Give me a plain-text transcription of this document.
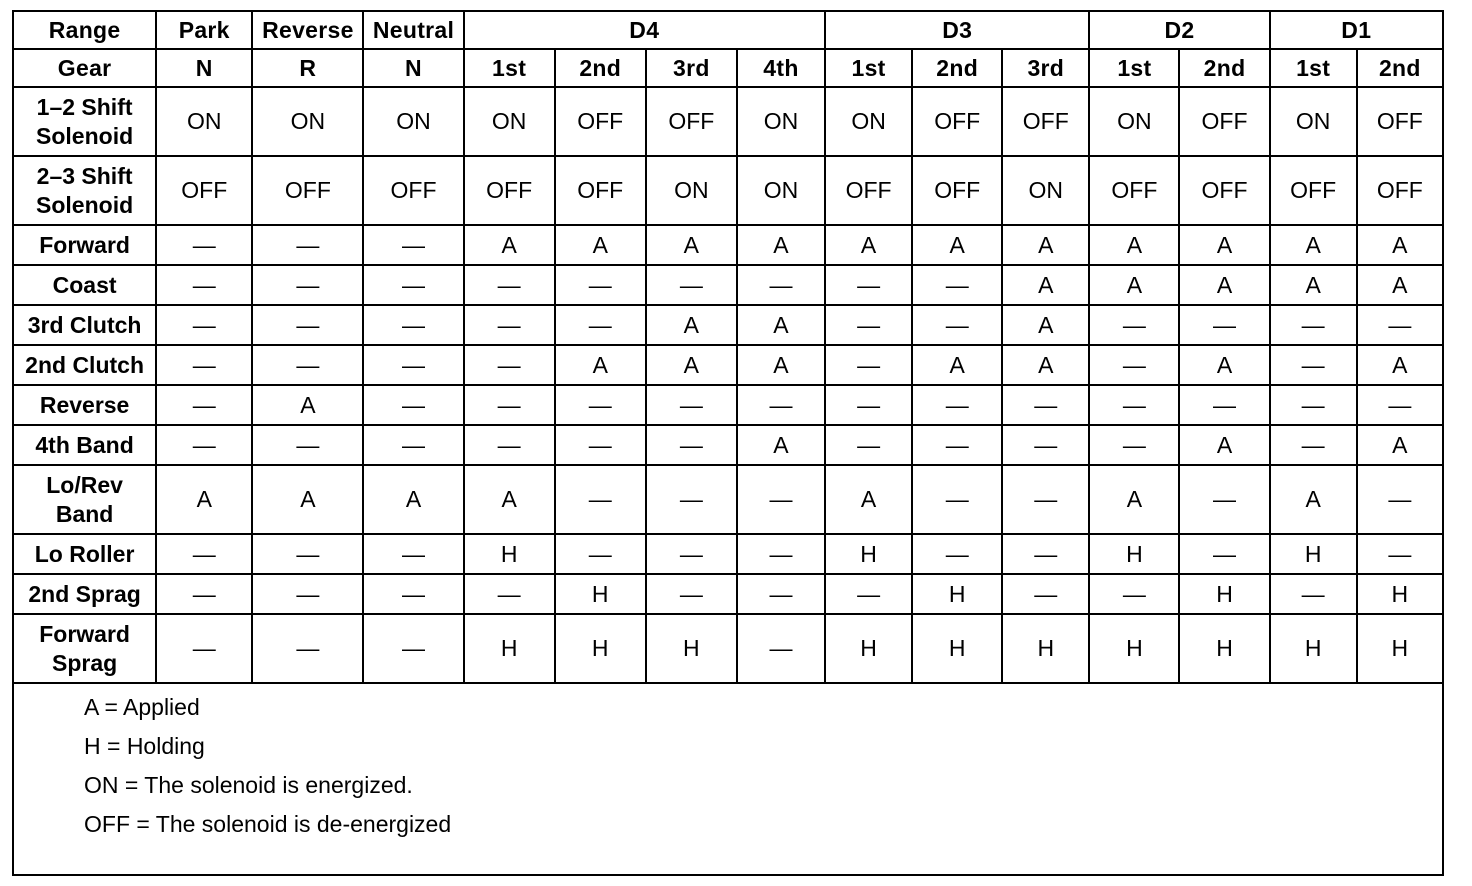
Range	Park	Reverse	Neutral	D4				D3			D2		D1	
Gear	N	R	N	1st	2nd	3rd	4th	1st	2nd	3rd	1st	2nd	1st	2nd
1–2 Shift
Solenoid	ON	ON	ON	ON	OFF	OFF	ON	ON	OFF	OFF	ON	OFF	ON	OFF
2–3 Shift
Solenoid	OFF	OFF	OFF	OFF	OFF	ON	ON	OFF	OFF	ON	OFF	OFF	OFF	OFF
Forward	—	—	—	A	A	A	A	A	A	A	A	A	A	A
Coast	—	—	—	—	—	—	—	—	—	A	A	A	A	A
3rd Clutch	—	—	—	—	—	A	A	—	—	A	—	—	—	—
2nd Clutch	—	—	—	—	A	A	A	—	A	A	—	A	—	A
Reverse	—	A	—	—	—	—	—	—	—	—	—	—	—	—
4th Band	—	—	—	—	—	—	A	—	—	—	—	A	—	A
Lo/Rev
Band	A	A	A	A	—	—	—	A	—	—	A	—	A	—
Lo Roller	—	—	—	H	—	—	—	H	—	—	H	—	H	—
2nd Sprag	—	—	—	—	H	—	—	—	H	—	—	H	—	H
Forward
Sprag	—	—	—	H	H	H	—	H	H	H	H	H	H	H
A = Applied
H = Holding
ON = The solenoid is energized.
OFF = The solenoid is de-energized
